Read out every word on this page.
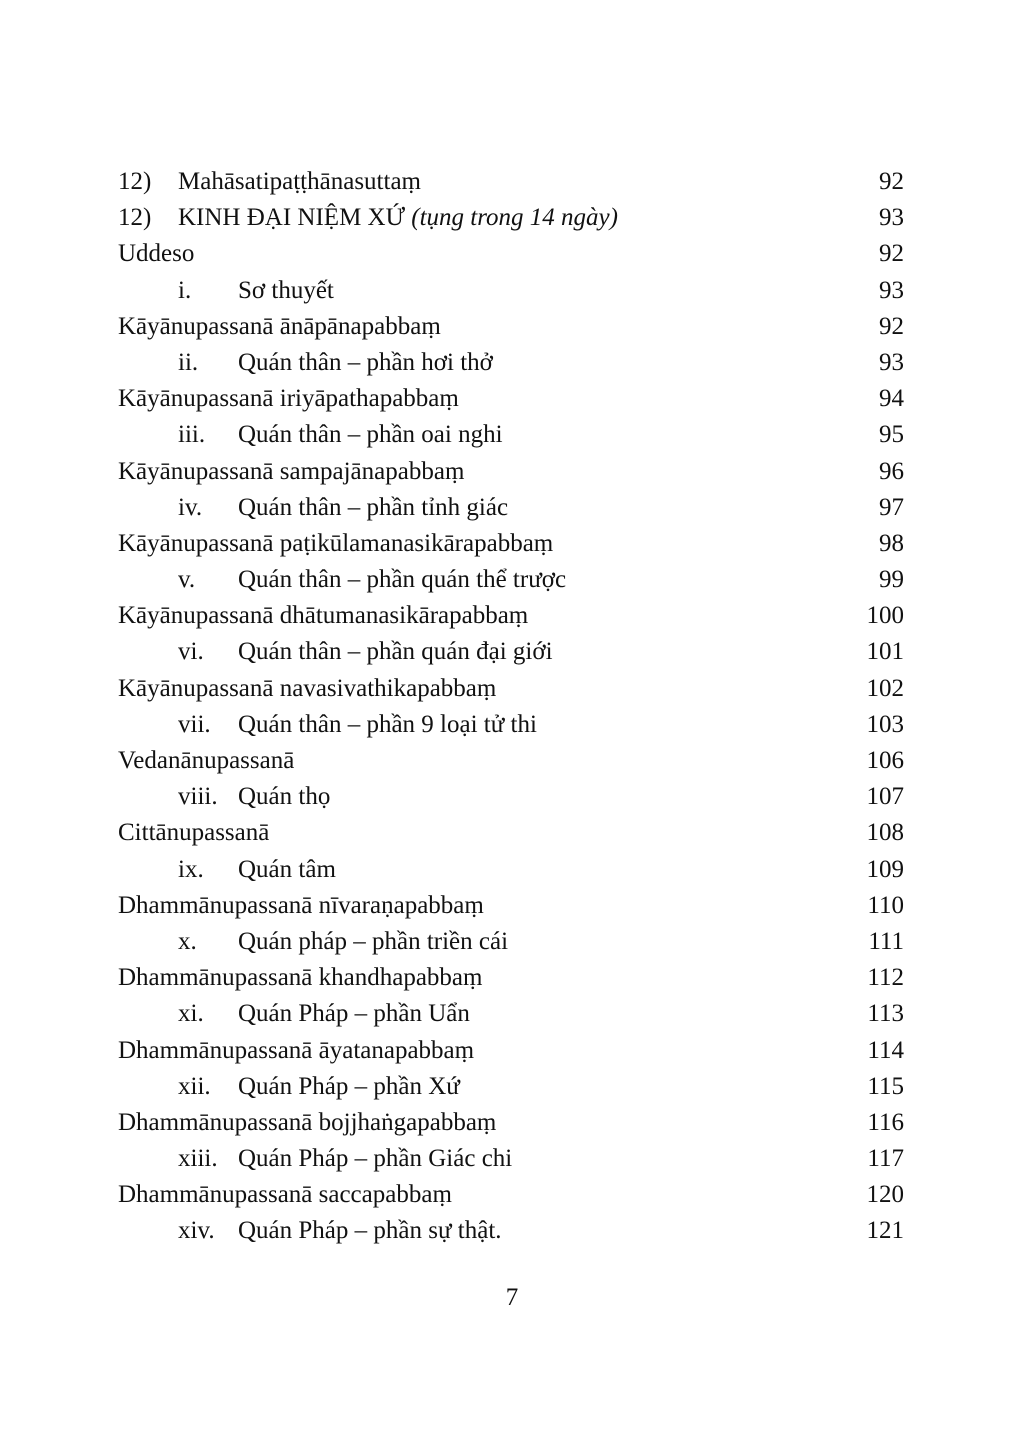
12) Mahāsatipaṭṭhānasuttaṃ	92
12) KINH ĐẠI NIỆM XỨ (tụng trong 14 ngày)	93
Uddeso	92
i. Sơ thuyết	93
Kāyānupassanā ānāpānapabbaṃ	92
ii. Quán thân – phần hơi thở	93
Kāyānupassanā iriyāpathapabbaṃ	94
iii. Quán thân – phần oai nghi	95
Kāyānupassanā sampajānapabbaṃ	96
iv. Quán thân – phần tỉnh giác	97
Kāyānupassanā paṭikūlamanasikārapabbaṃ	98
v. Quán thân – phần quán thể trược	99
Kāyānupassanā dhātumanasikārapabbaṃ	100
vi. Quán thân – phần quán đại giới	101
Kāyānupassanā navasivathikapabbaṃ	102
vii. Quán thân – phần 9 loại tử thi	103
Vedanānupassanā	106
viii. Quán thọ	107
Cittānupassanā	108
ix. Quán tâm	109
Dhammānupassanā nīvaraṇapabbaṃ	110
x. Quán pháp – phần triền cái	111
Dhammānupassanā khandhapabbaṃ	112
xi. Quán Pháp – phần Uẩn	113
Dhammānupassanā āyatanapabbaṃ	114
xii. Quán Pháp – phần Xứ	115
Dhammānupassanā bojjhaṅgapabbaṃ	116
xiii. Quán Pháp – phần Giác chi	117
Dhammānupassanā saccapabbaṃ	120
xiv. Quán Pháp – phần sự thật.	121
7
